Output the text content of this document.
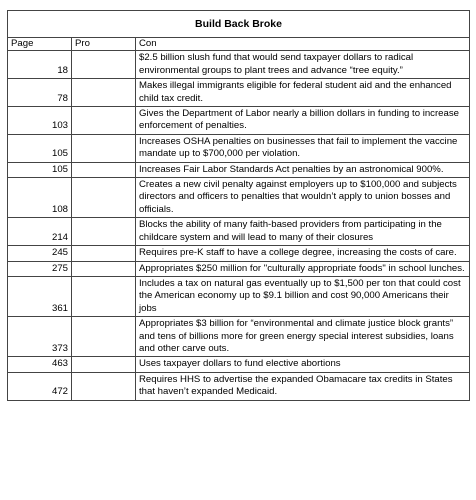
Build Back Broke		
Page	Pro	Con
18		$2.5 billion slush fund that would send taxpayer dollars to radical environmental groups to plant trees and advance “tree equity.”
78		Makes illegal immigrants eligible for federal student aid and the enhanced child tax credit.
103		Gives the Department of Labor nearly a billion dollars in funding to increase enforcement of penalties.
105		Increases OSHA penalties on businesses that fail to implement the vaccine mandate up to $700,000 per violation.
105		Increases Fair Labor Standards Act penalties by an astronomical 900%.
108		Creates a new civil penalty against employers up to $100,000 and subjects directors and officers to penalties that wouldn’t apply to union bosses and officials.
214		Blocks the ability of many faith-based providers from participating in the childcare system and will lead to many of their closures
245		Requires pre-K staff to have a college degree, increasing the costs of care.
275		Appropriates $250 million for "culturally appropriate foods" in school lunches.
361		Includes a tax on natural gas eventually up to $1,500 per ton that could cost the American economy up to $9.1 billion and cost 90,000 Americans their jobs
373		Appropriates $3 billion for “environmental and climate justice block grants” and tens of billions more for green energy special interest subsidies, loans and other carve outs.
463		Uses taxpayer dollars to fund elective abortions
472		Requires HHS to advertise the expanded Obamacare tax credits in States that haven’t expanded Medicaid.
